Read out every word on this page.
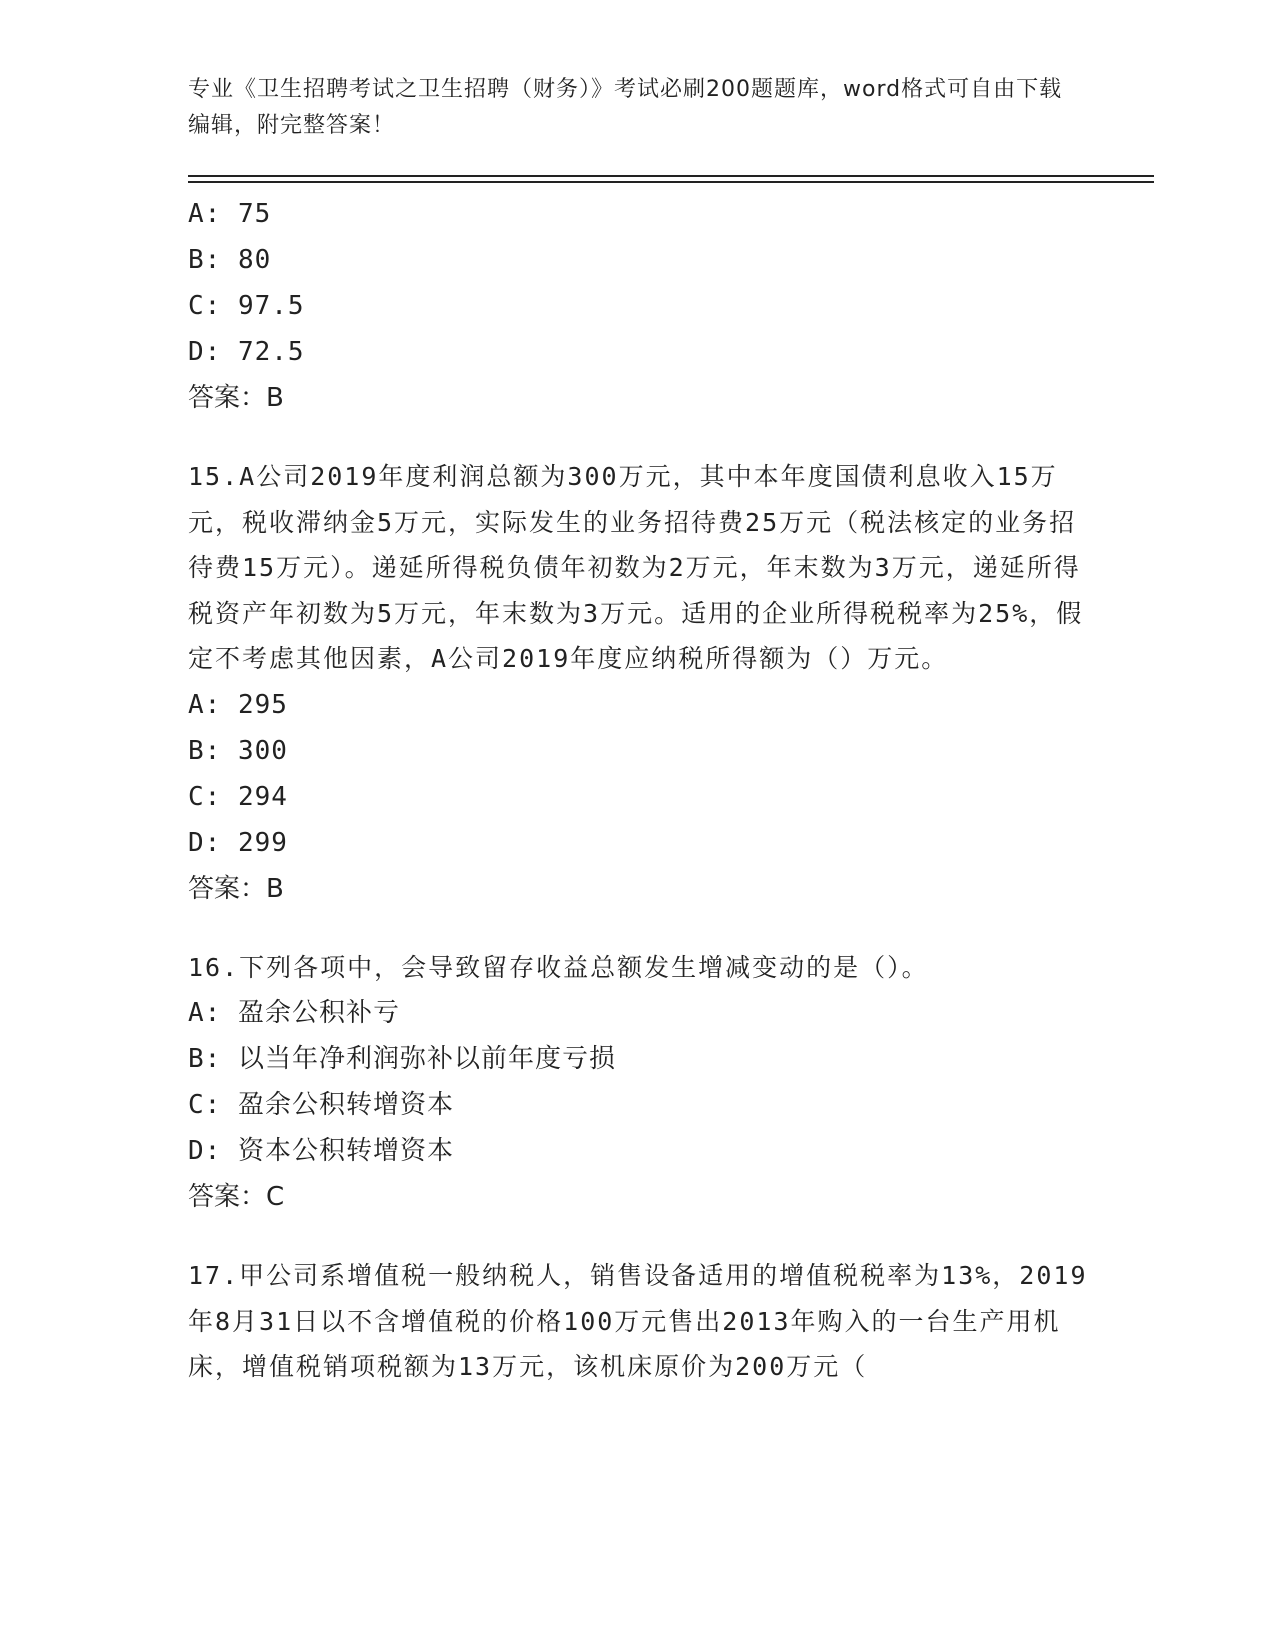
专业《卫生招聘考试之卫生招聘（财务）》考试必刷200题题库，word格式可自由下载编辑，附完整答案！
A: 75
B: 80
C: 97.5
D: 72.5
答案：B
15.A公司2019年度利润总额为300万元，其中本年度国债利息收入15万元，税收滞纳金5万元，实际发生的业务招待费25万元（税法核定的业务招待费15万元）。递延所得税负债年初数为2万元，年末数为3万元，递延所得税资产年初数为5万元，年末数为3万元。适用的企业所得税税率为25%，假定不考虑其他因素，A公司2019年度应纳税所得额为（）万元。
A: 295
B: 300
C: 294
D: 299
答案：B
16.下列各项中，会导致留存收益总额发生增减变动的是（）。
A: 盈余公积补亏
B: 以当年净利润弥补以前年度亏损
C: 盈余公积转增资本
D: 资本公积转增资本
答案：C
17.甲公司系增值税一般纳税人，销售设备适用的增值税税率为13%，2019年8月31日以不含增值税的价格100万元售出2013年购入的一台生产用机床，增值税销项税额为13万元，该机床原价为200万元（
